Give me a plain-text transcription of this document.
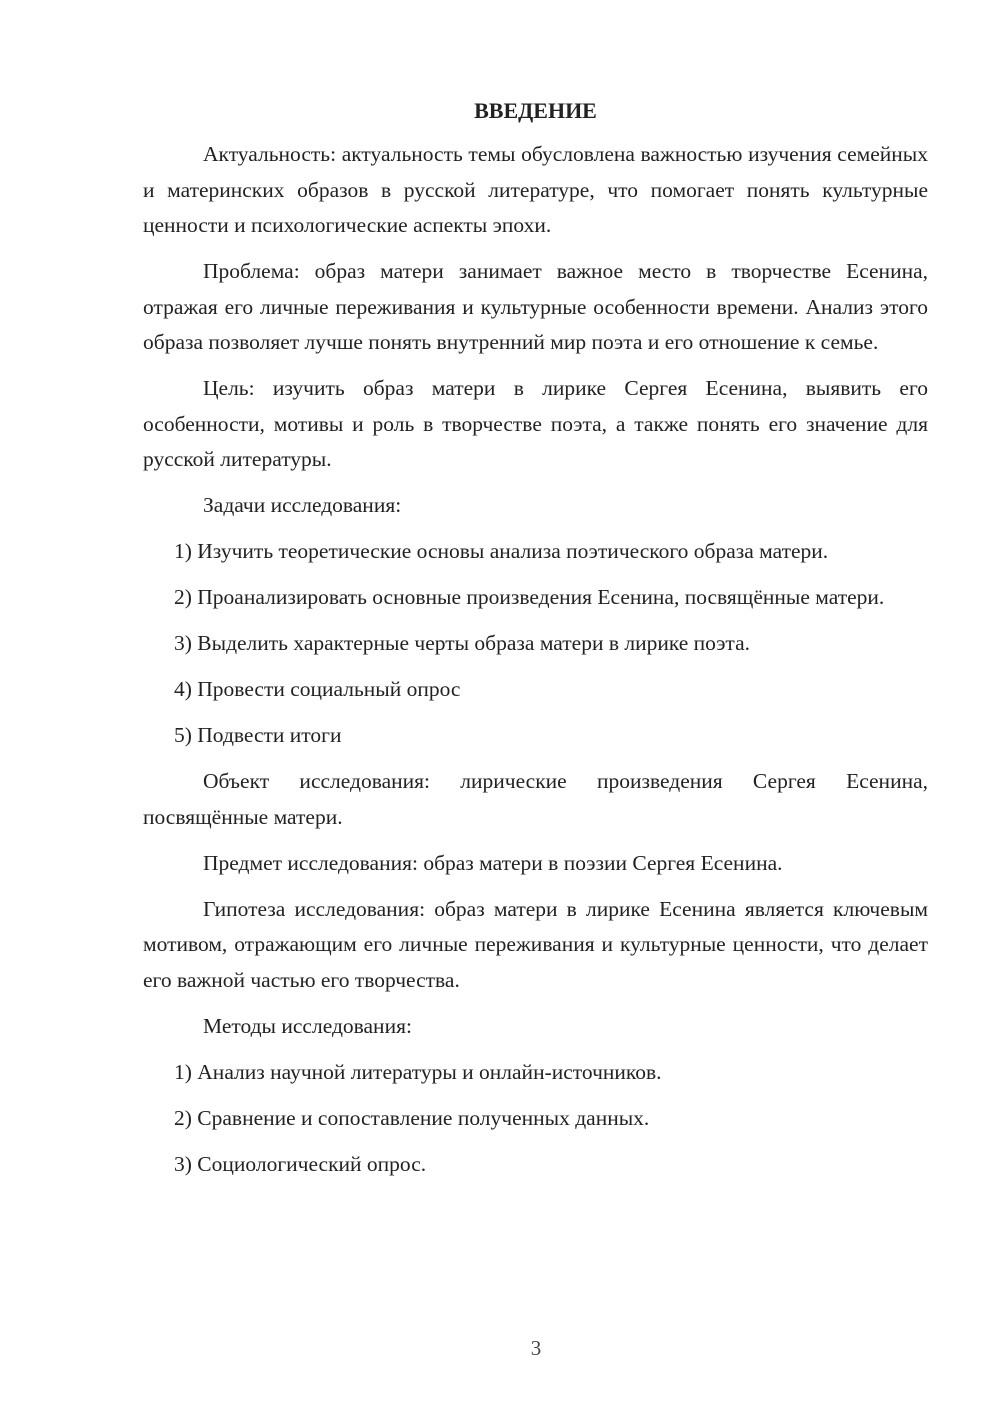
ВВЕДЕНИЕ

Актуальность: актуальность темы обусловлена важностью изучения семейных и материнских образов в русской литературе, что помогает понять культурные ценности и психологические аспекты эпохи.

Проблема: образ матери занимает важное место в творчестве Есенина, отражая его личные переживания и культурные особенности времени. Анализ этого образа позволяет лучше понять внутренний мир поэта и его отношение к семье.

Цель: изучить образ матери в лирике Сергея Есенина, выявить его особенности, мотивы и роль в творчестве поэта, а также понять его значение для русской литературы.

Задачи исследования:

1) Изучить теоретические основы анализа поэтического образа матери.

2) Проанализировать основные произведения Есенина, посвящённые матери.

3) Выделить характерные черты образа матери в лирике поэта.

4) Провести социальный опрос

5) Подвести итоги

Объект исследования: лирические произведения Сергея Есенина, посвящённые матери.

Предмет исследования: образ матери в поэзии Сергея Есенина.

Гипотеза исследования: образ матери в лирике Есенина является ключевым мотивом, отражающим его личные переживания и культурные ценности, что делает его важной частью его творчества.

Методы исследования:

1) Анализ научной литературы и онлайн-источников.

2) Сравнение и сопоставление полученных данных.

3) Социологический опрос.

3
